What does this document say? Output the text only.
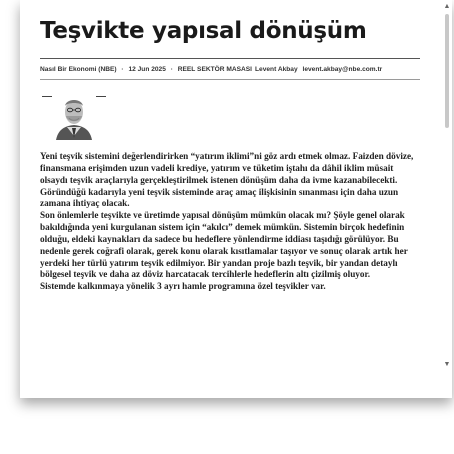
Teşvikte yapısal dönüşüm
Nasıl Bir Ekonomi (NBE) · 12 Jun 2025 · REEL SEKTÖR MASASI Levent Akbay levent.akbay@nbe.com.tr

Yeni teşvik sistemini değerlendirirken “yatırım iklimi”ni göz ardı etmek olmaz. Faizden dövize, finansmana erişimden uzun vadeli krediye, yatırım ve tüketim iştahı da dâhil iklim müsait olsaydı teşvik araçlarıyla gerçekleştirilmek istenen dönüşüm daha da ivme kazanabilecekti. Göründüğü kadarıyla yeni teşvik sisteminde araç amaç ilişkisinin sınanması için daha uzun zamana ihtiyaç olacak.

Son önlemlerle teşvikte ve üretimde yapısal dönüşüm mümkün olacak mı? Şöyle genel olarak bakıldığında yeni kurgulanan sistem için “akılcı” demek mümkün. Sistemin birçok hedefinin olduğu, eldeki kaynakları da sadece bu hedeflere yönlendirme iddiası taşıdığı görülüyor. Bu nedenle gerek coğrafi olarak, gerek konu olarak kısıtlamalar taşıyor ve sonuç olarak artık her yerdeki her türlü yatırım teşvik edilmiyor. Bir yandan proje bazlı teşvik, bir yandan detaylı bölgesel teşvik ve daha az döviz harcatacak tercihlerle hedeflerin altı çizilmiş oluyor.

Sistemde kalkınmaya yönelik 3 ayrı hamle programına özel teşvikler var.

▲
▼
